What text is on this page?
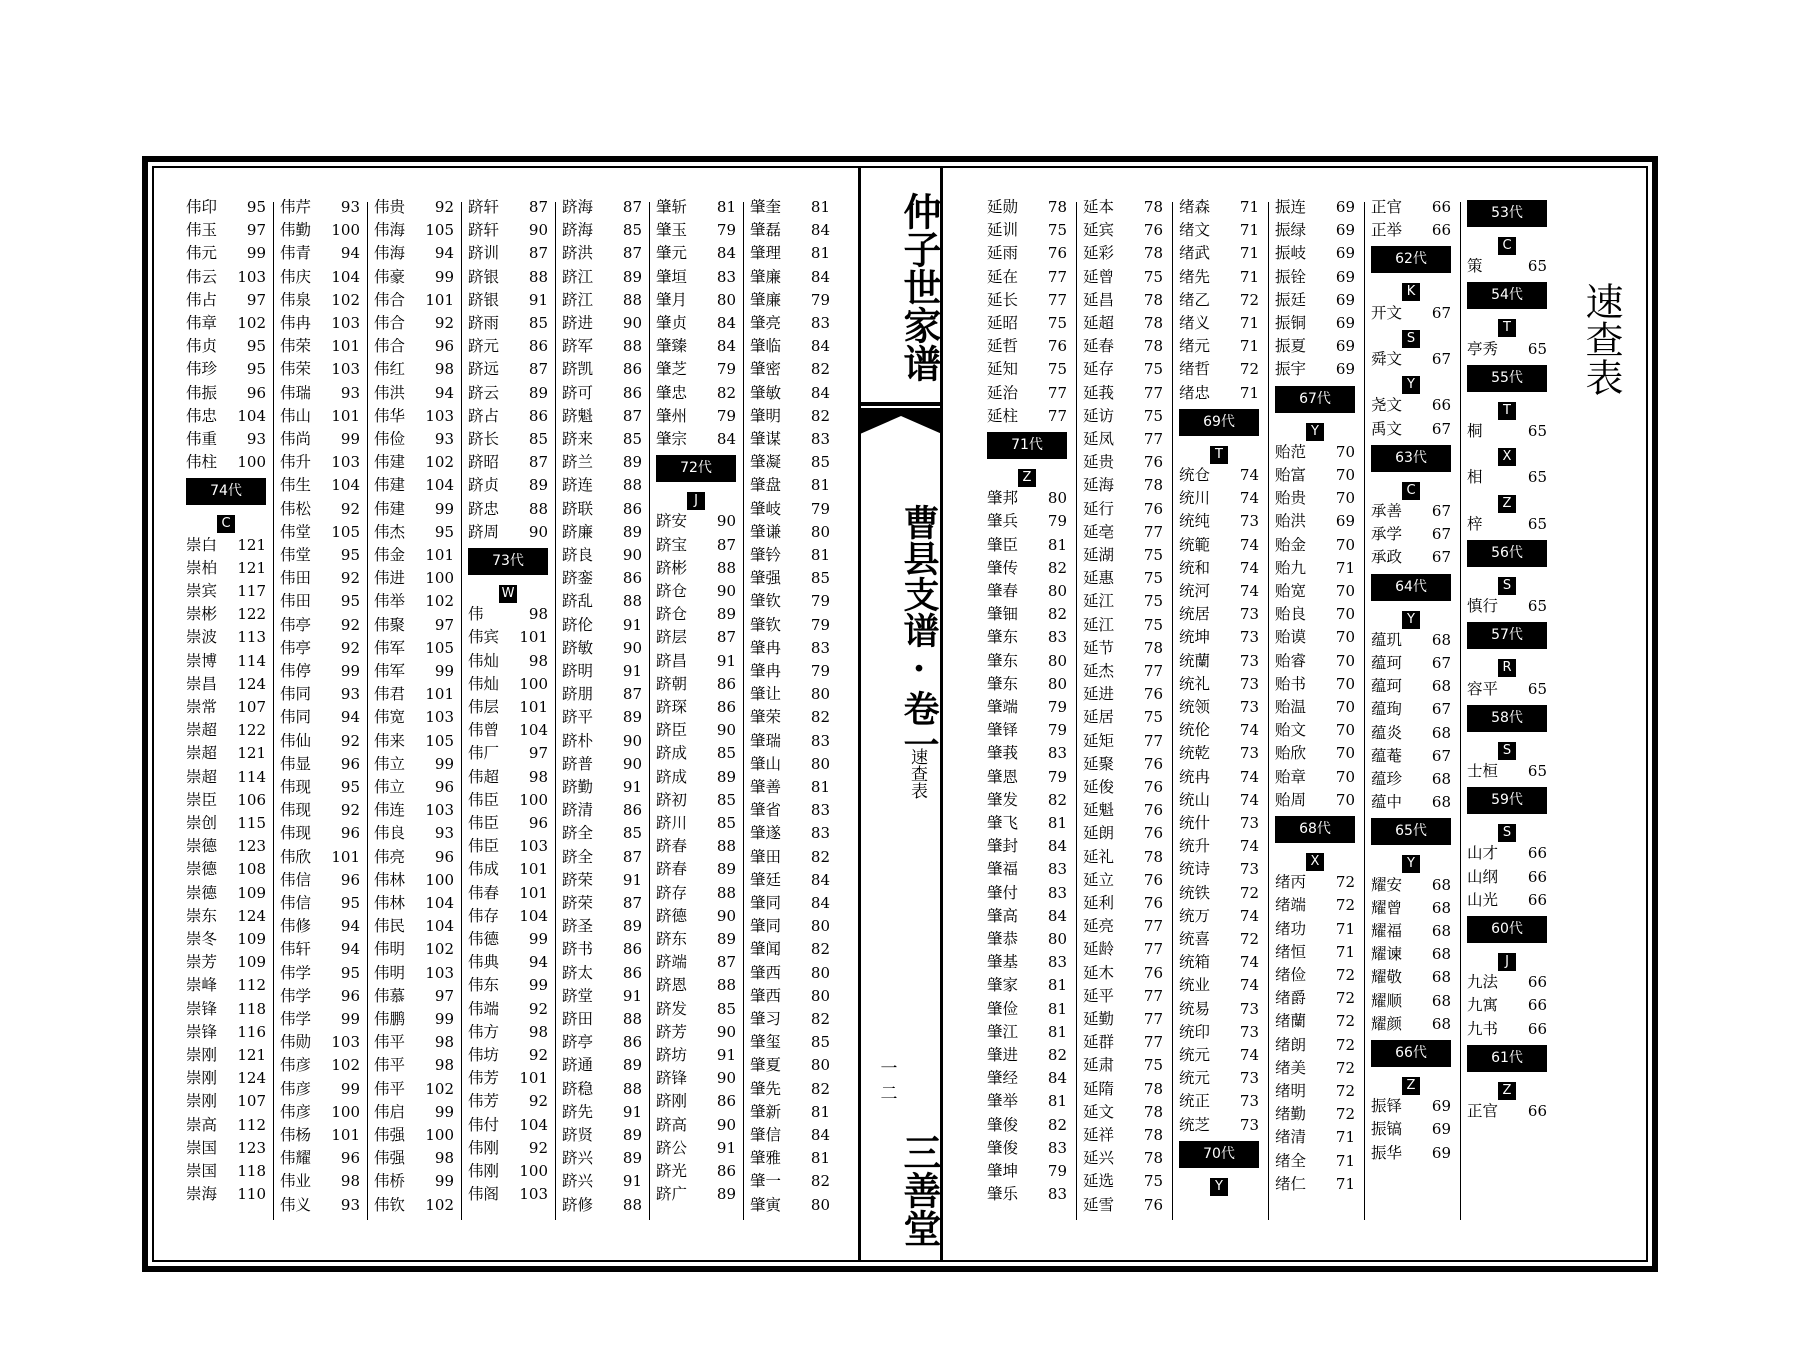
伟印 95
伟玉 97
伟元 99
伟云 103
伟占 97
伟章 102
伟贞 95
伟珍 95
伟振 96
伟忠 104
伟重 93
伟柱 100
74代
C
崇白 121
崇柏 121
崇宾 117
崇彬 122
崇波 113
崇博 114
崇昌 124
崇常 107
崇超 122
崇超 121
崇超 114
崇臣 106
崇创 115
崇德 123
崇德 108
崇德 109
崇东 124
崇冬 109
崇芳 109
崇峰 112
崇锋 118
崇锋 116
崇刚 121
崇刚 124
崇刚 107
崇高 112
崇国 123
崇国 118
崇海 110
伟芹 93
伟勤 100
伟青 94
伟庆 104
伟泉 102
伟冉 103
伟荣 101
伟荣 103
伟瑞 93
伟山 101
伟尚 99
伟升 103
伟生 104
伟松 92
伟堂 105
伟堂 95
伟田 92
伟田 95
伟亭 92
伟亭 92
伟停 99
伟同 93
伟同 94
伟仙 92
伟显 96
伟现 95
伟现 92
伟现 96
伟欣 101
伟信 96
伟信 95
伟修 94
伟轩 94
伟学 95
伟学 96
伟学 99
伟勋 103
伟彦 102
伟彦 99
伟彦 100
伟杨 101
伟耀 96
伟业 98
伟义 93
伟贵 92
伟海 105
伟海 94
伟豪 99
伟合 101
伟合 92
伟合 96
伟红 98
伟洪 94
伟华 103
伟俭 93
伟建 102
伟建 104
伟建 99
伟杰 95
伟金 101
伟进 100
伟举 102
伟聚 97
伟军 105
伟军 99
伟君 101
伟宽 103
伟来 105
伟立 99
伟立 96
伟连 103
伟良 93
伟亮 96
伟林 100
伟林 104
伟民 104
伟明 102
伟明 103
伟慕 97
伟鹏 99
伟平 98
伟平 98
伟平 102
伟启 99
伟强 100
伟强 98
伟桥 99
伟钦 102
跻轩 87
跻轩 90
跻训 87
跻银 88
跻银 91
跻雨 85
跻元 86
跻远 87
跻云 89
跻占 86
跻长 85
跻昭 87
跻贞 89
跻忠 88
跻周 90
73代
W
伟	98
伟宾 101
伟灿 98
伟灿 100
伟层 101
伟曾 104
伟厂 97
伟超 98
伟臣 100
伟臣 96
伟臣 103
伟成 101
伟春 101
伟存 104
伟德 99
伟典 94
伟东 99
伟端 92
伟方 98
伟坊 92
伟芳 101
伟芳 92
伟付 104
伟刚 92
伟刚 100
伟阁 103
跻海 87
跻海 85
跻洪 87
跻江 89
跻江 88
跻进 90
跻军 88
跻凯 86
跻可 86
跻魁 87
跻来 85
跻兰 89
跻连 88
跻联 86
跻廉 89
跻良 90
跻銮 86
跻乱 88
跻伦 91
跻敏 90
跻明 91
跻朋 87
跻平 89
跻朴 90
跻普 90
跻勤 91
跻清 86
跻全 85
跻全 87
跻荣 91
跻荣 87
跻圣 89
跻书 86
跻太 86
跻堂 91
跻田 88
跻亭 86
跻通 89
跻稳 88
跻先 91
跻贤 89
跻兴 89
跻兴 91
跻修 88
肇斩 81
肇玉 79
肇元 84
肇垣 83
肇月 80
肇贞 84
肇臻 84
肇芝 79
肇忠 82
肇州 79
肇宗 84
72代
J
跻安 90
跻宝 87
跻彬 88
跻仓 90
跻仓 89
跻层 87
跻昌 91
跻朝 86
跻琛 86
跻臣 90
跻成 85
跻成 89
跻初 85
跻川 85
跻春 88
跻春 89
跻存 88
跻德 90
跻东 89
跻端 87
跻恩 88
跻发 85
跻芳 90
跻坊 91
跻锋 90
跻刚 86
跻高 90
跻公 91
跻光 86
跻广 89
肇奎 81
肇磊 84
肇理 81
肇廉 84
肇廉 79
肇亮 83
肇临 84
肇密 82
肇敏 84
肇明 82
肇谋 83
肇凝 85
肇盘 81
肇岐 79
肇谦 80
肇钤 81
肇强 85
肇钦 79
肇钦 79
肇冉 83
肇冉 79
肇让 80
肇荣 82
肇瑞 83
肇山 80
肇善 81
肇省 83
肇遂 83
肇田 82
肇廷 84
肇同 84
肇同 80
肇闻 82
肇西 80
肇西 80
肇习 82
肇玺 85
肇夏 80
肇先 82
肇新 81
肇信 84
肇雅 81
肇一 82
肇寅 80
仲子世家谱
曹县支谱·卷一
速查表
一 二
三善堂
延勋 78
延训 75
延雨 76
延在 77
延长 77
延昭 75
延哲 76
延知 75
延治 77
延柱 77
71代
Z
肇邦 80
肇兵 79
肇臣 81
肇传 82
肇春 80
肇钿 82
肇东 83
肇东 80
肇东 80
肇端 79
肇铎 79
肇莪 83
肇恩 79
肇发 82
肇飞 81
肇封 84
肇福 83
肇付 83
肇高 84
肇恭 80
肇基 83
肇家 81
肇俭 81
肇江 81
肇进 82
肇经 84
肇举 81
肇俊 82
肇俊 83
肇坤 79
肇乐 83
延本 78
延宾 76
延彩 78
延曾 75
延昌 78
延超 78
延春 78
延存 75
延莪 77
延访 75
延凤 77
延贵 76
延海 78
延行 76
延亳 77
延湖 75
延惠 75
延江 75
延江 75
延节 78
延杰 77
延进 76
延居 75
延矩 77
延聚 76
延俊 76
延魁 76
延朗 76
延礼 78
延立 76
延利 76
延亮 77
延龄 77
延木 76
延平 77
延勤 77
延群 77
延肃 75
延隋 78
延文 78
延祥 78
延兴 78
延选 75
延雪 76
绪森 71
绪文 71
绪武 71
绪先 71
绪乙 72
绪义 71
绪元 71
绪哲 72
绪忠 71
69代
T
统仓 74
统川 74
统纯 73
统範 74
统和 74
统河 74
统居 73
统坤 73
统蘭 73
统礼 73
统领 73
统伦 74
统乾 73
统冉 74
统山 74
统什 73
统升 74
统诗 73
统铁 72
统万 74
统喜 72
统箱 74
统业 74
统易 73
统印 73
统元 74
统元 73
统正 73
统芝 73
70代
Y
振连 69
振绿 69
振岐 69
振铨 69
振廷 69
振铜 69
振夏 69
振宇 69
67代
Y
贻范 70
贻富 70
贻贵 70
贻洪 69
贻金 70
贻九 71
贻宽 70
贻良 70
贻谟 70
贻睿 70
贻书 70
贻温 70
贻文 70
贻欣 70
贻章 70
贻周 70
68代
X
绪丙 72
绪端 72
绪功 71
绪恒 71
绪俭 72
绪爵 72
绪蘭 72
绪朗 72
绪美 72
绪明 72
绪勤 72
绪清 71
绪全 71
绪仁 71
正官 66
正举 66
62代
K
开文 67
S
舜文 67
Y
尧文 66
禹文 67
63代
C
承善 67
承学 67
承政 67
64代
Y
蕴玑 68
蕴珂 67
蕴珂 68
蕴珣 67
蕴炎 68
蕴菴 67
蕴珍 68
蕴中 68
65代
Y
耀安 68
耀曾 68
耀福 68
耀谏 68
耀敬 68
耀顺 68
耀颜 68
66代
Z
振铎 69
振镐 69
振华 69
53代
C
策	65
54代
T
亭秀 65
55代
T
桐	65
X
相	65
Z
梓	65
56代
S
慎行 65
57代
R
容平 65
58代
S
士桓 65
59代
S
山才 66
山纲 66
山光 66
60代
J
九法 66
九寓 66
九书 66
61代
Z
正官 66
速查表
